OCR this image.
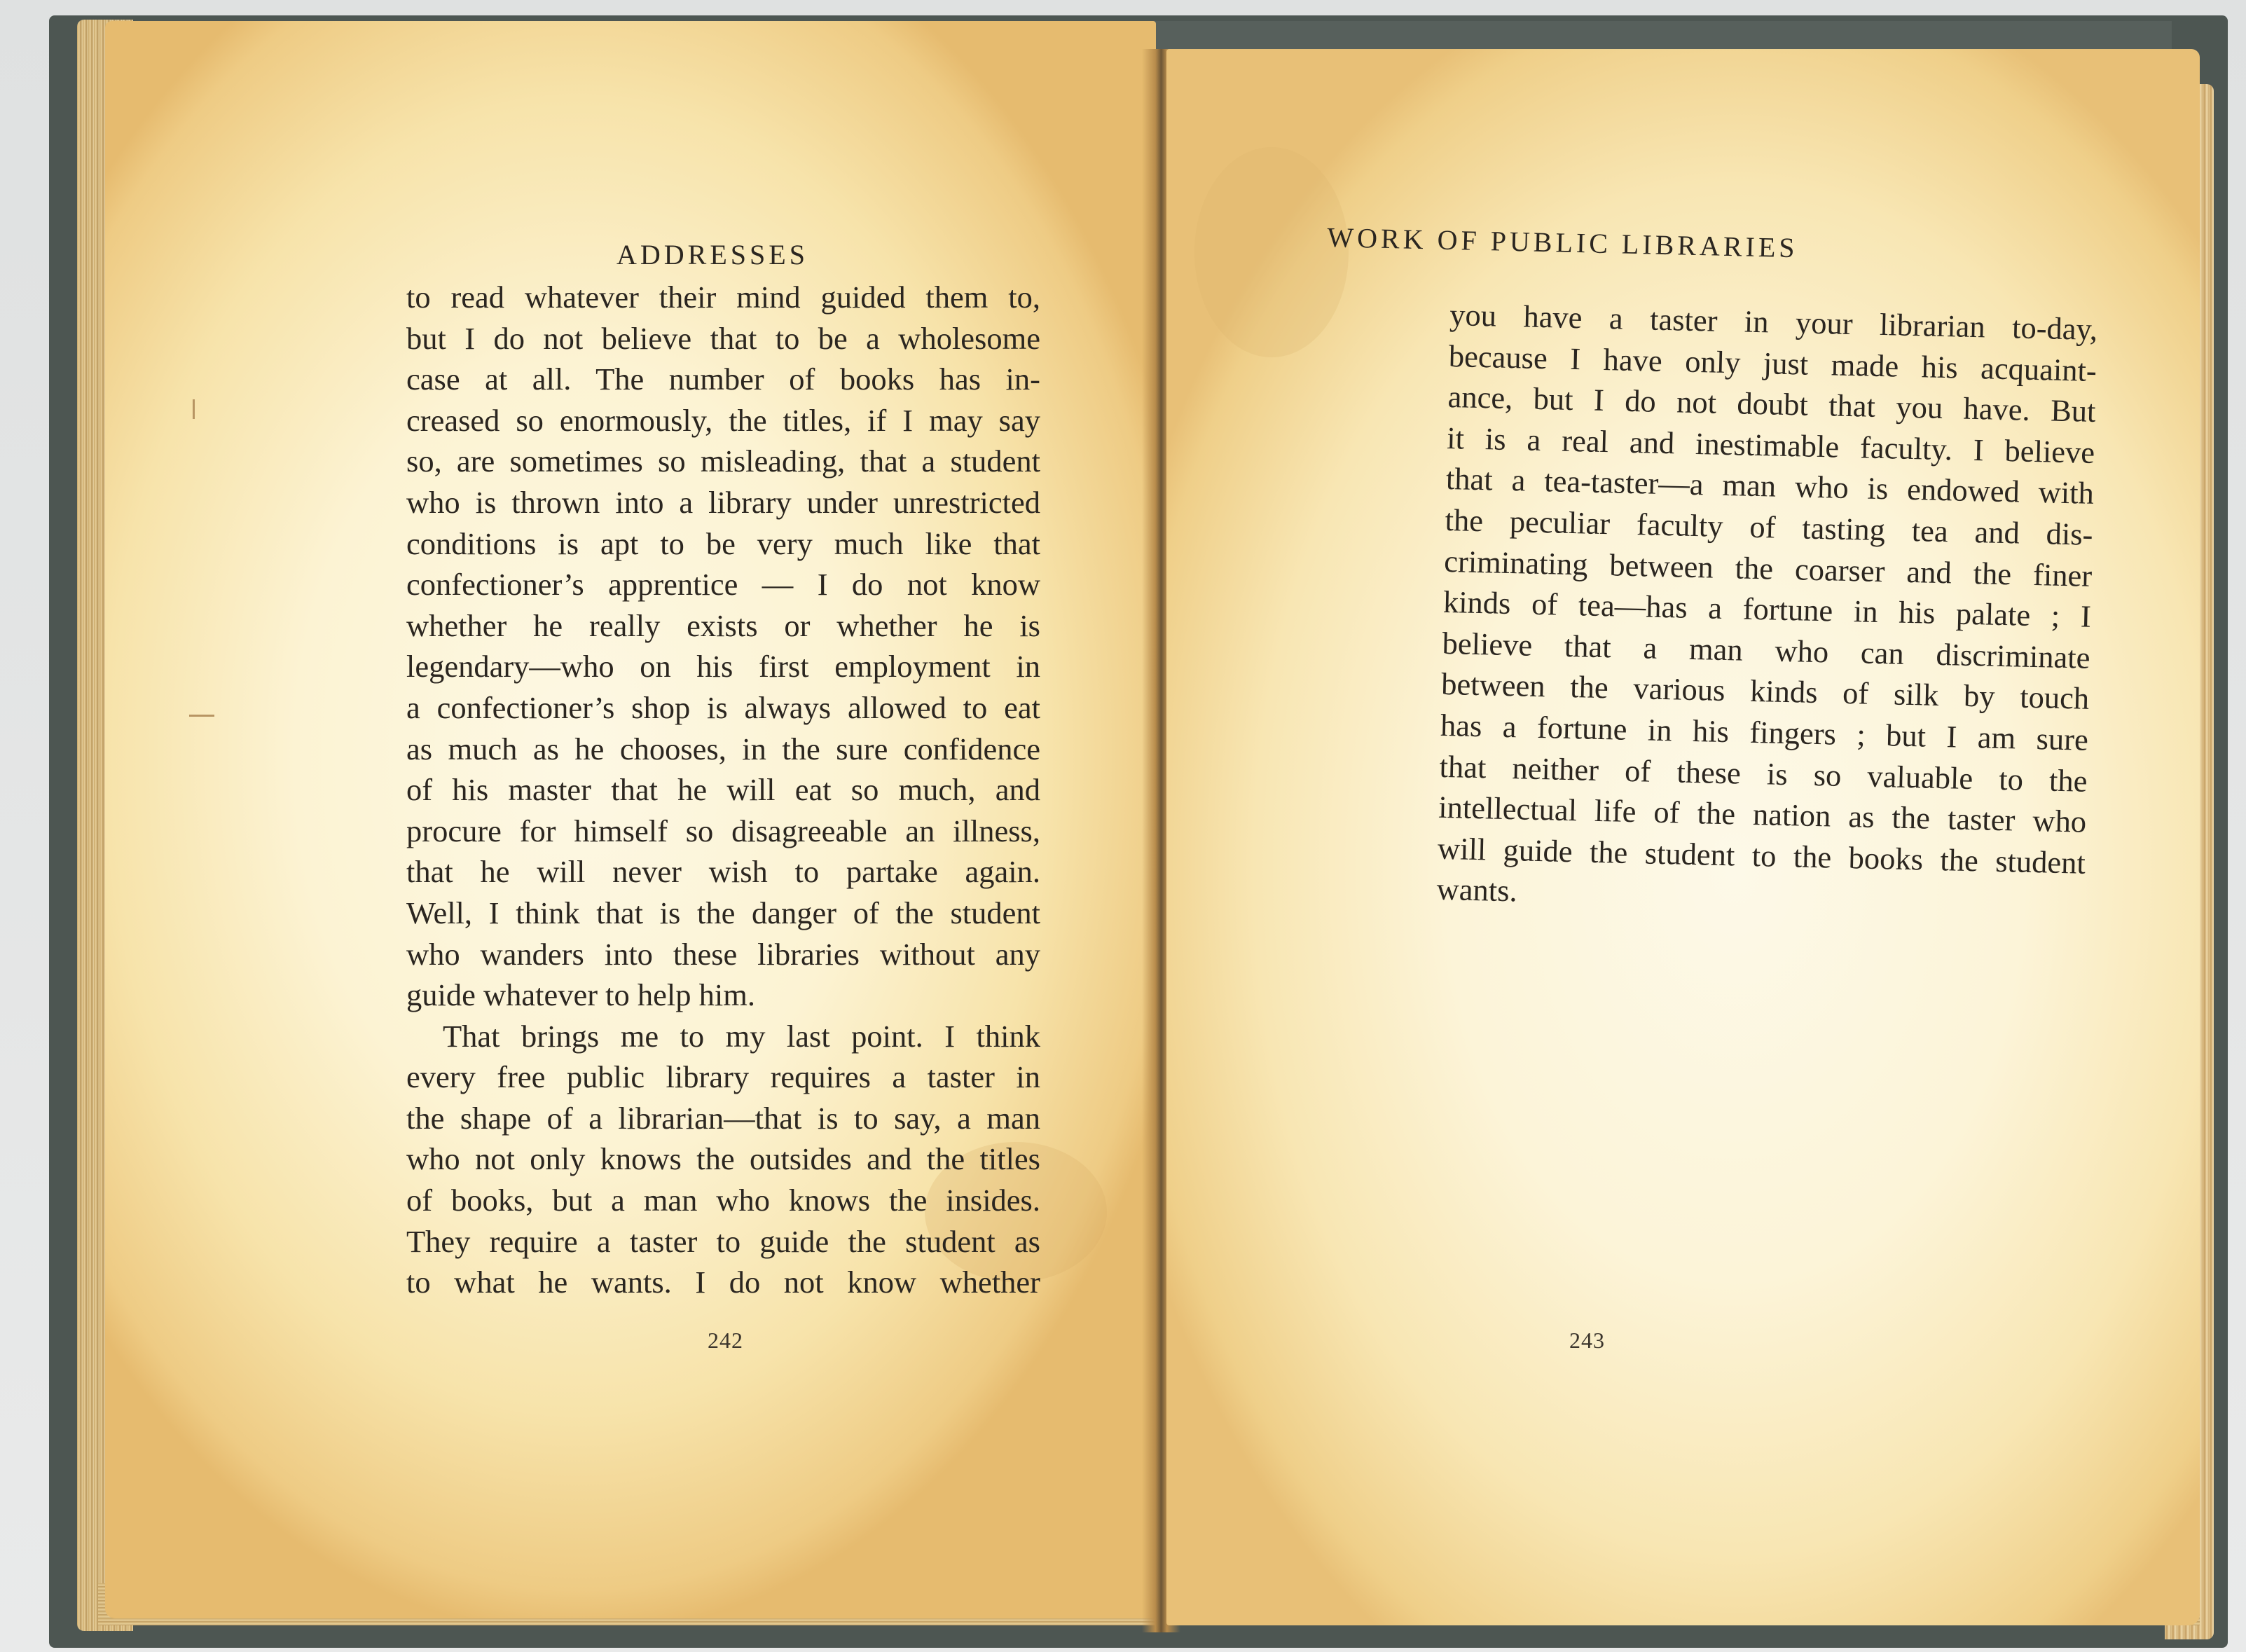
ADDRESSES
to read whatever their mind guided them to,
but I do not believe that to be a wholesome
case at all. The number of books has in-
creased so enormously, the titles, if I may say
so, are sometimes so misleading, that a student
who is thrown into a library under unrestricted
conditions is apt to be very much like that
confectioner’s apprentice — I do not know
whether he really exists or whether he is
legendary—who on his first employment in
a confectioner’s shop is always allowed to eat
as much as he chooses, in the sure confidence
of his master that he will eat so much, and
procure for himself so disagreeable an illness,
that he will never wish to partake again.
Well, I think that is the danger of the student
who wanders into these libraries without any
guide whatever to help him.
That brings me to my last point. I think
every free public library requires a taster in
the shape of a librarian—that is to say, a man
who not only knows the outsides and the titles
of books, but a man who knows the insides.
They require a taster to guide the student as
to what he wants. I do not know whether
242
WORK OF PUBLIC LIBRARIES
you have a taster in your librarian to-day,
because I have only just made his acquaint-
ance, but I do not doubt that you have. But
it is a real and inestimable faculty. I believe
that a tea-taster—a man who is endowed with
the peculiar faculty of tasting tea and dis-
criminating between the coarser and the finer
kinds of tea—has a fortune in his palate ; I
believe that a man who can discriminate
between the various kinds of silk by touch
has a fortune in his fingers ; but I am sure
that neither of these is so valuable to the
intellectual life of the nation as the taster who
will guide the student to the books the student
wants.
243
